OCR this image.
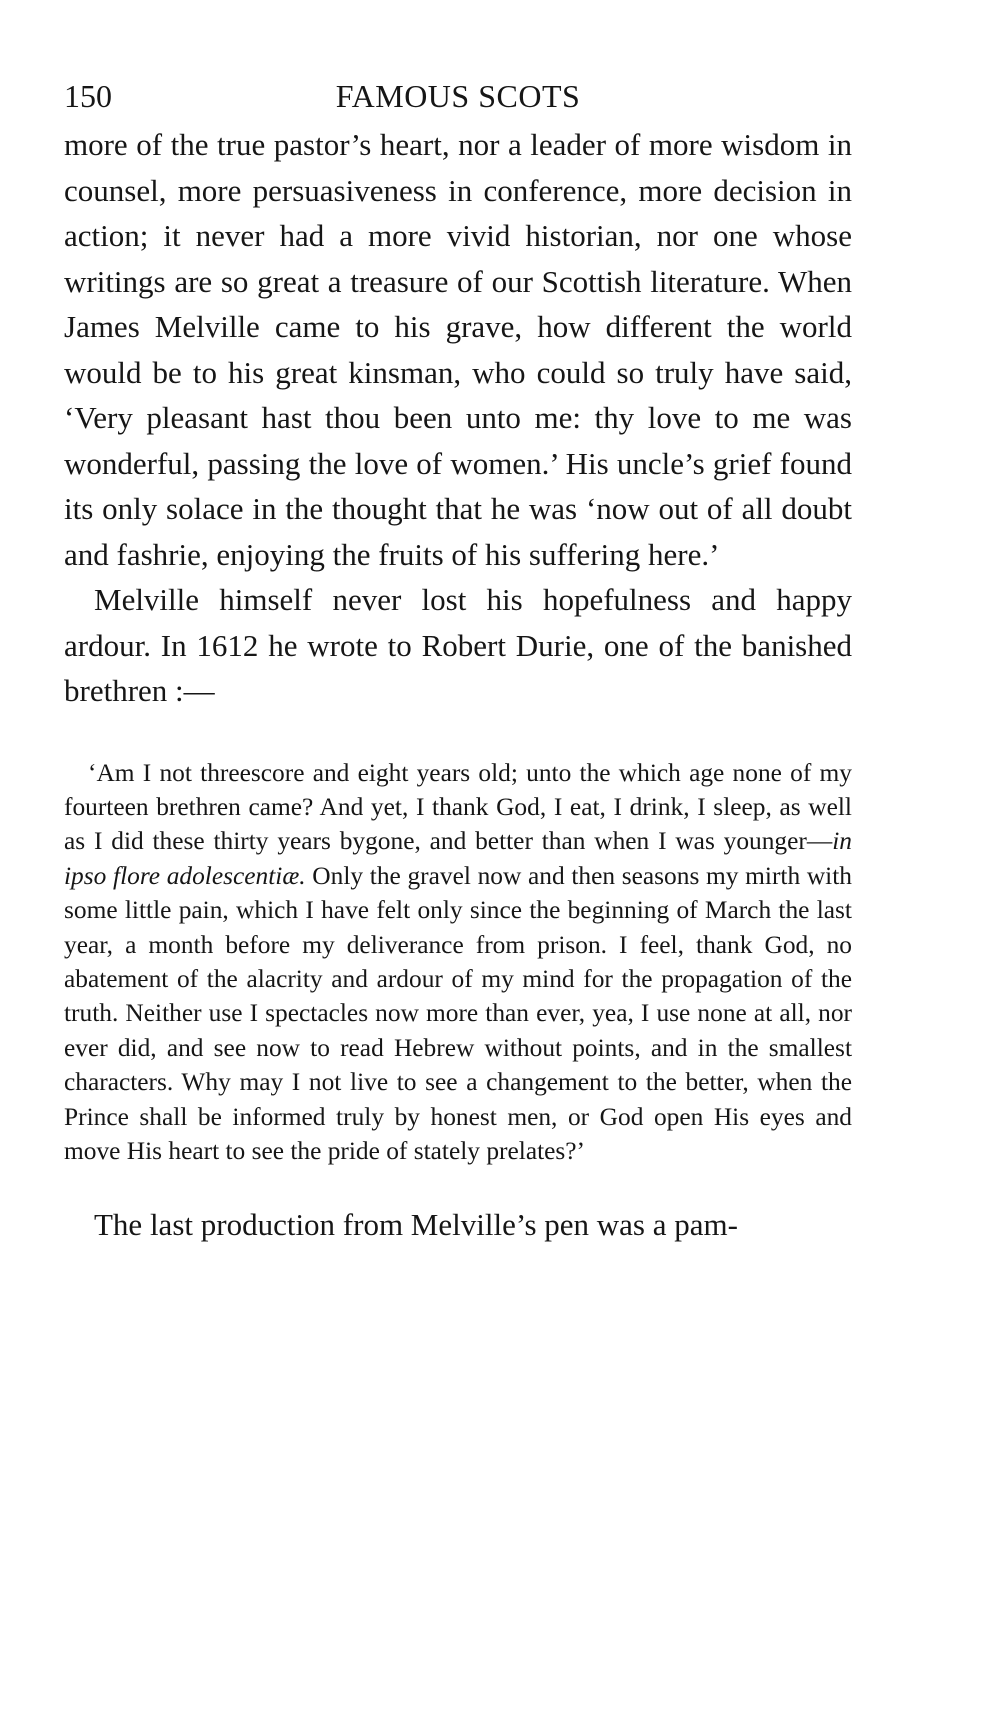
150	FAMOUS SCOTS

more of the true pastor’s heart, nor a leader of more wisdom in counsel, more persuasiveness in conference, more decision in action; it never had a more vivid historian, nor one whose writings are so great a treasure of our Scottish literature. When James Melville came to his grave, how different the world would be to his great kinsman, who could so truly have said, ‘Very pleasant hast thou been unto me: thy love to me was wonderful, passing the love of women.’ His uncle’s grief found its only solace in the thought that he was ‘now out of all doubt and fashrie, enjoying the fruits of his suffering here.’

Melville himself never lost his hopefulness and happy ardour. In 1612 he wrote to Robert Durie, one of the banished brethren :—

‘Am I not threescore and eight years old; unto the which age none of my fourteen brethren came? And yet, I thank God, I eat, I drink, I sleep, as well as I did these thirty years bygone, and better than when I was younger—in ipso flore adolescentiæ. Only the gravel now and then seasons my mirth with some little pain, which I have felt only since the beginning of March the last year, a month before my deliverance from prison. I feel, thank God, no abatement of the alacrity and ardour of my mind for the propagation of the truth. Neither use I spectacles now more than ever, yea, I use none at all, nor ever did, and see now to read Hebrew without points, and in the smallest characters. Why may I not live to see a changement to the better, when the Prince shall be informed truly by honest men, or God open His eyes and move His heart to see the pride of stately prelates?’

The last production from Melville’s pen was a pam-
